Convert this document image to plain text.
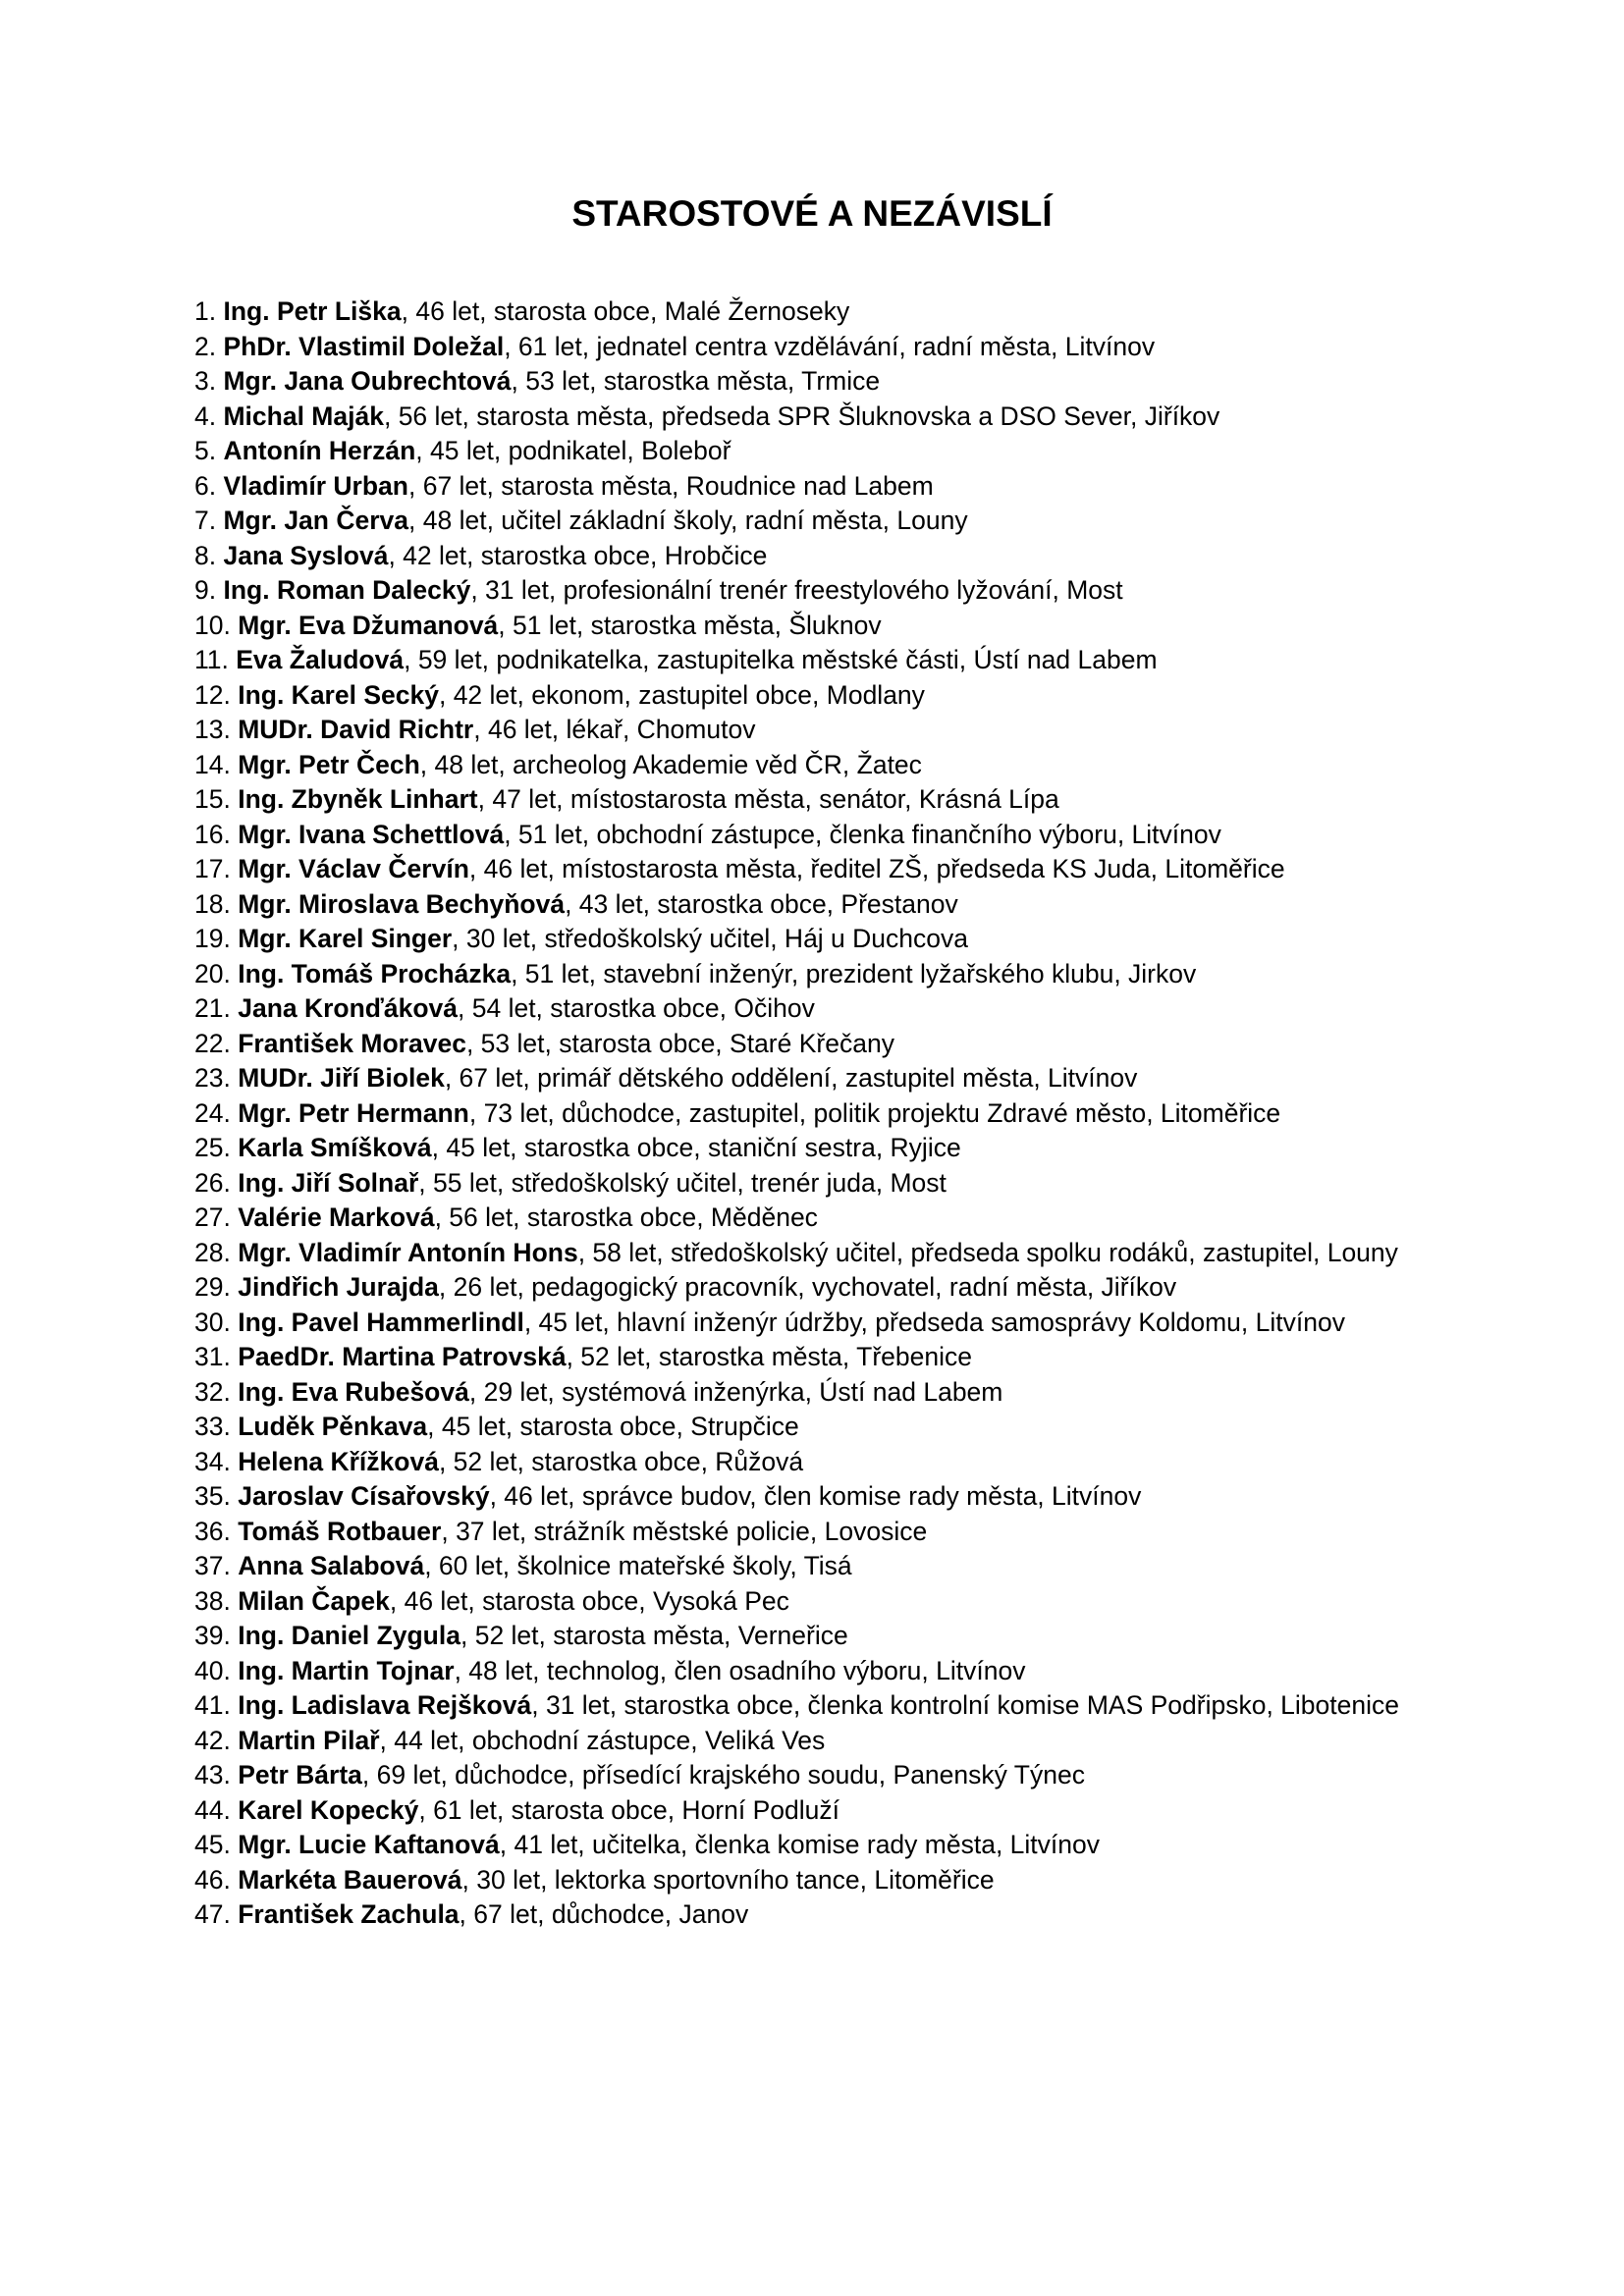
STAROSTOVÉ A NEZÁVISLÍ
1. Ing. Petr Liška, 46 let, starosta obce, Malé Žernoseky
2. PhDr. Vlastimil Doležal, 61 let, jednatel centra vzdělávání, radní města, Litvínov
3. Mgr. Jana Oubrechtová, 53 let, starostka města, Trmice
4. Michal Maják, 56 let, starosta města, předseda SPR Šluknovska a DSO Sever, Jiříkov
5. Antonín Herzán, 45 let, podnikatel, Boleboř
6. Vladimír Urban, 67 let, starosta města, Roudnice nad Labem
7. Mgr. Jan Červa, 48 let, učitel základní školy, radní města, Louny
8. Jana Syslová, 42 let, starostka obce, Hrobčice
9. Ing. Roman Dalecký, 31 let, profesionální trenér freestylového lyžování, Most
10. Mgr. Eva Džumanová, 51 let, starostka města, Šluknov
11. Eva Žaludová, 59 let, podnikatelka, zastupitelka městské části, Ústí nad Labem
12. Ing. Karel Secký, 42 let, ekonom, zastupitel obce, Modlany
13. MUDr. David Richtr, 46 let, lékař, Chomutov
14. Mgr. Petr Čech, 48 let, archeolog Akademie věd ČR, Žatec
15. Ing. Zbyněk Linhart, 47 let, místostarosta města, senátor, Krásná Lípa
16. Mgr. Ivana Schettlová, 51 let, obchodní zástupce, členka finančního výboru, Litvínov
17. Mgr. Václav Červín, 46 let, místostarosta města, ředitel ZŠ, předseda KS Juda, Litoměřice
18. Mgr. Miroslava Bechyňová, 43 let, starostka obce, Přestanov
19. Mgr. Karel Singer, 30 let, středoškolský učitel, Háj u Duchcova
20. Ing. Tomáš Procházka, 51 let, stavební inženýr, prezident lyžařského klubu, Jirkov
21. Jana Kronďáková, 54 let, starostka obce, Očihov
22. František Moravec, 53 let, starosta obce, Staré Křečany
23. MUDr. Jiří Biolek, 67 let, primář dětského oddělení, zastupitel města, Litvínov
24. Mgr. Petr Hermann, 73 let, důchodce, zastupitel, politik projektu Zdravé město, Litoměřice
25. Karla Smíšková, 45 let, starostka obce, staniční sestra, Ryjice
26. Ing. Jiří Solnař, 55 let, středoškolský učitel, trenér juda, Most
27. Valérie Marková, 56 let, starostka obce, Měděnec
28. Mgr. Vladimír Antonín Hons, 58 let, středoškolský učitel, předseda spolku rodáků, zastupitel, Louny
29. Jindřich Jurajda, 26 let, pedagogický pracovník, vychovatel, radní města, Jiříkov
30. Ing. Pavel Hammerlindl, 45 let, hlavní inženýr údržby, předseda samosprávy Koldomu, Litvínov
31. PaedDr. Martina Patrovská, 52 let, starostka města, Třebenice
32. Ing. Eva Rubešová, 29 let, systémová inženýrka, Ústí nad Labem
33. Luděk Pěnkava, 45 let, starosta obce, Strupčice
34. Helena Křížková, 52 let, starostka obce, Růžová
35. Jaroslav Císařovský, 46 let, správce budov, člen komise rady města, Litvínov
36. Tomáš Rotbauer, 37 let, strážník městské policie, Lovosice
37. Anna Salabová, 60 let, školnice mateřské školy, Tisá
38. Milan Čapek, 46 let, starosta obce, Vysoká Pec
39. Ing. Daniel Zygula, 52 let, starosta města, Verneřice
40. Ing. Martin Tojnar, 48 let, technolog, člen osadního výboru, Litvínov
41. Ing. Ladislava Rejšková, 31 let, starostka obce, členka kontrolní komise MAS Podřipsko, Libotenice
42. Martin Pilař, 44 let, obchodní zástupce, Veliká Ves
43. Petr Bárta, 69 let, důchodce, přísedící krajského soudu, Panenský Týnec
44. Karel Kopecký, 61 let, starosta obce, Horní Podluží
45. Mgr. Lucie Kaftanová, 41 let, učitelka, členka komise rady města, Litvínov
46. Markéta Bauerová, 30 let, lektorka sportovního tance, Litoměřice
47. František Zachula, 67 let, důchodce, Janov
